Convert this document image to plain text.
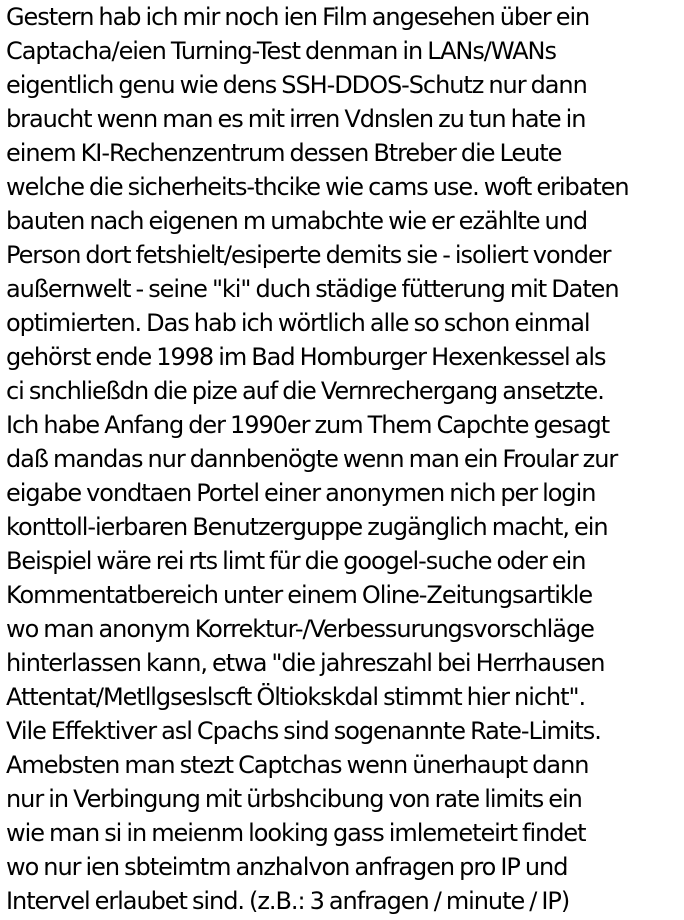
Gestern hab ich mir noch ien Film angesehen über ein
Captacha/eien Turning-Test denman in LANs/WANs
eigentlich genu wie dens SSH-DDOS-Schutz nur dann
braucht wenn man es mit irren Vdnslen zu tun hate in
einem KI-Rechenzentrum dessen Btreber die Leute
welche die sicherheits-thcike wie cams use. woft eribaten
bauten nach eigenen m umabchte wie er ezählte und
Person dort fetshielt/esiperte demits sie - isoliert vonder
außernwelt - seine "ki" duch städige fütterung mit Daten
optimierten. Das hab ich wörtlich alle so schon einmal
gehörst ende 1998 im Bad Homburger Hexenkessel als
ci snchließdn die pize auf die Vernrechergang ansetzte.
Ich habe Anfang der 1990er zum Them Capchte gesagt
daß mandas nur dannbenögte wenn man ein Froular zur
eigabe vondtaen Portel einer anonymen nich per login
konttoll-ierbaren Benutzerguppe zugänglich macht, ein
Beispiel wäre rei rts limt für die googel-suche oder ein
Kommentatbereich unter einem Oline-Zeitungsartikle
wo man anonym Korrektur-/Verbessurungsvorschläge
hinterlassen kann, etwa "die jahreszahl bei Herrhausen
Attentat/Metllgseslscft Öltiokskdal stimmt hier nicht".
Vile Effektiver asl Cpachs sind sogenannte Rate-Limits.
Amebsten man stezt Captchas wenn ünerhaupt dann
nur in Verbingung mit ürbshcibung von rate limits ein
wie man si in meienm looking gass imlemeteirt findet
wo nur ien sbteimtm anzhalvon anfragen pro IP und
Intervel erlaubet sind. (z.B.: 3 anfragen / minute / IP)
